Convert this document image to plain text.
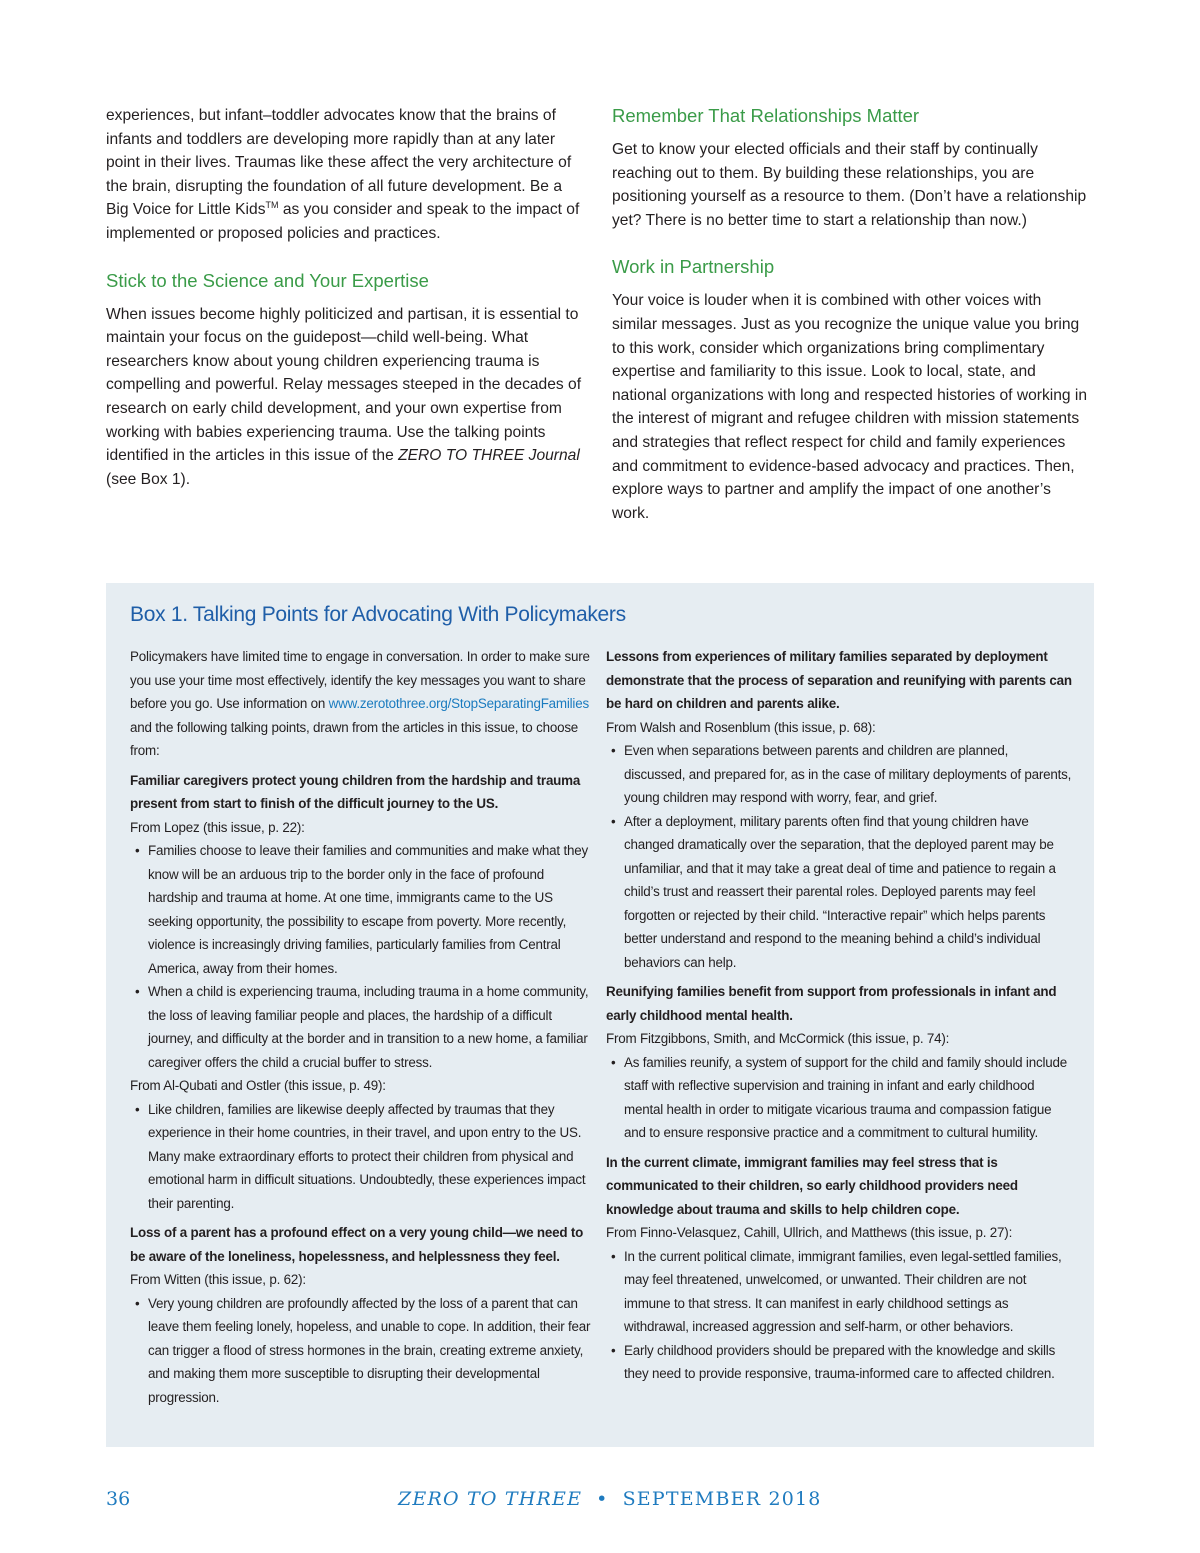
experiences, but infant–toddler advocates know that the brains of infants and toddlers are developing more rapidly than at any later point in their lives. Traumas like these affect the very architecture of the brain, disrupting the foundation of all future development. Be a Big Voice for Little Kids™ as you consider and speak to the impact of implemented or proposed policies and practices.

Stick to the Science and Your Expertise

When issues become highly politicized and partisan, it is essential to maintain your focus on the guidepost—child well-being. What researchers know about young children experiencing trauma is compelling and powerful. Relay messages steeped in the decades of research on early child development, and your own expertise from working with babies experiencing trauma. Use the talking points identified in the articles in this issue of the ZERO TO THREE Journal (see Box 1).

Remember That Relationships Matter

Get to know your elected officials and their staff by continually reaching out to them. By building these relationships, you are positioning yourself as a resource to them. (Don’t have a relationship yet? There is no better time to start a relationship than now.)

Work in Partnership

Your voice is louder when it is combined with other voices with similar messages. Just as you recognize the unique value you bring to this work, consider which organizations bring complimentary expertise and familiarity to this issue. Look to local, state, and national organizations with long and respected histories of working in the interest of migrant and refugee children with mission statements and strategies that reflect respect for child and family experiences and commitment to evidence-based advocacy and practices. Then, explore ways to partner and amplify the impact of one another’s work.

Box 1. Talking Points for Advocating With Policymakers

Policymakers have limited time to engage in conversation. In order to make sure you use your time most effectively, identify the key messages you want to share before you go. Use information on www.zerotothree.org/StopSeparatingFamilies and the following talking points, drawn from the articles in this issue, to choose from:

Familiar caregivers protect young children from the hardship and trauma present from start to finish of the difficult journey to the US.

From Lopez (this issue, p. 22):

• Families choose to leave their families and communities and make what they know will be an arduous trip to the border only in the face of profound hardship and trauma at home. At one time, immigrants came to the US seeking opportunity, the possibility to escape from poverty. More recently, violence is increasingly driving families, particularly families from Central America, away from their homes.
• When a child is experiencing trauma, including trauma in a home community, the loss of leaving familiar people and places, the hardship of a difficult journey, and difficulty at the border and in transition to a new home, a familiar caregiver offers the child a crucial buffer to stress.

From Al-Qubati and Ostler (this issue, p. 49):

• Like children, families are likewise deeply affected by traumas that they experience in their home countries, in their travel, and upon entry to the US. Many make extraordinary efforts to protect their children from physical and emotional harm in difficult situations. Undoubtedly, these experiences impact their parenting.

Loss of a parent has a profound effect on a very young child—we need to be aware of the loneliness, hopelessness, and helplessness they feel.

From Witten (this issue, p. 62):

• Very young children are profoundly affected by the loss of a parent that can leave them feeling lonely, hopeless, and unable to cope. In addition, their fear can trigger a flood of stress hormones in the brain, creating extreme anxiety, and making them more susceptible to disrupting their developmental progression.

Lessons from experiences of military families separated by deployment demonstrate that the process of separation and reunifying with parents can be hard on children and parents alike.

From Walsh and Rosenblum (this issue, p. 68):

• Even when separations between parents and children are planned, discussed, and prepared for, as in the case of military deployments of parents, young children may respond with worry, fear, and grief.
• After a deployment, military parents often find that young children have changed dramatically over the separation, that the deployed parent may be unfamiliar, and that it may take a great deal of time and patience to regain a child’s trust and reassert their parental roles. Deployed parents may feel forgotten or rejected by their child. “Interactive repair” which helps parents better understand and respond to the meaning behind a child’s individual behaviors can help.

Reunifying families benefit from support from professionals in infant and early childhood mental health.

From Fitzgibbons, Smith, and McCormick (this issue, p. 74):

• As families reunify, a system of support for the child and family should include staff with reflective supervision and training in infant and early childhood mental health in order to mitigate vicarious trauma and compassion fatigue and to ensure responsive practice and a commitment to cultural humility.

In the current climate, immigrant families may feel stress that is communicated to their children, so early childhood providers need knowledge about trauma and skills to help children cope.

From Finno-Velasquez, Cahill, Ullrich, and Matthews (this issue, p. 27):

• In the current political climate, immigrant families, even legal-settled families, may feel threatened, unwelcomed, or unwanted. Their children are not immune to that stress. It can manifest in early childhood settings as withdrawal, increased aggression and self-harm, or other behaviors.
• Early childhood providers should be prepared with the knowledge and skills they need to provide responsive, trauma-informed care to affected children.
36	ZERO TO THREE • SEPTEMBER 2018
